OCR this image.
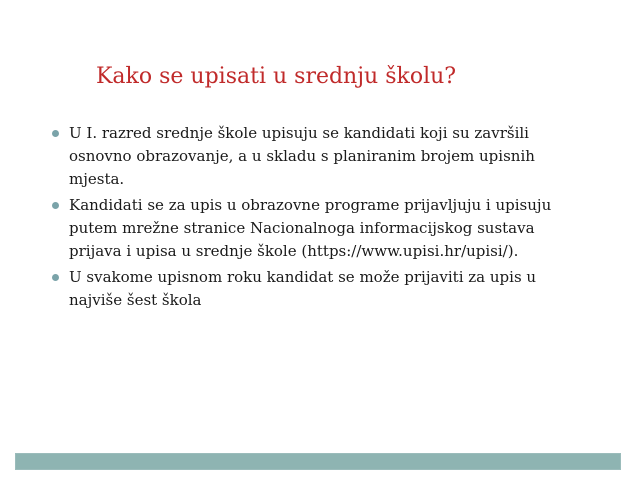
Kako se upisati u srednju školu?
U I. razred srednje škole upisuju se kandidati koji su završili osnovno obrazovanje, a u skladu s planiranim brojem upisnih mjesta.
Kandidati se za upis u obrazovne programe prijavljuju i upisuju putem mrežne stranice Nacionalnoga informacijskog sustava prijava i upisa u srednje škole (https://www.upisi.hr/upisi/).
U svakome upisnom roku kandidat se može prijaviti za upis u najviše šest škola
